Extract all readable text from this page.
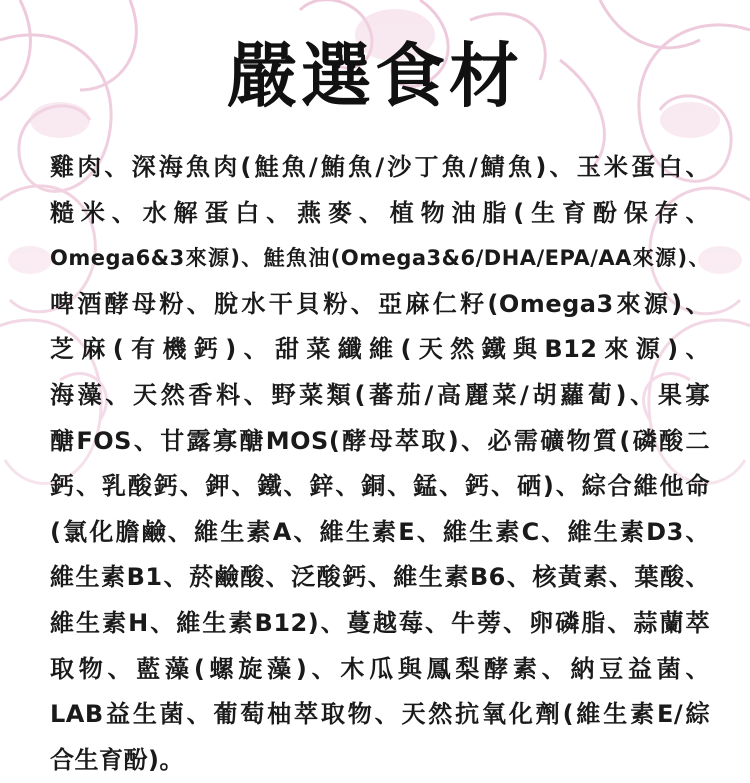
嚴選食材
雞肉、深海魚肉(鮭魚/鮪魚/沙丁魚/鯖魚)、玉米蛋白、
糙米、水解蛋白、燕麥、植物油脂(生育酚保存、
Omega6&3來源)、鮭魚油(Omega3&6/DHA/EPA/AA來源)、
啤酒酵母粉、脫水干貝粉、亞麻仁籽(Omega3來源)、
芝麻(有機鈣)、甜菜纖維(天然鐵與B12來源)、
海藻、天然香料、野菜類(蕃茄/高麗菜/胡蘿蔔)、果寡
醣FOS、甘露寡醣MOS(酵母萃取)、必需礦物質(磷酸二
鈣、乳酸鈣、鉀、鐵、鋅、銅、錳、鈣、硒)、綜合維他命
(氯化膽鹼、維生素A、維生素E、維生素C、維生素D3、
維生素B1、菸鹼酸、泛酸鈣、維生素B6、核黃素、葉酸、
維生素H、維生素B12)、蔓越莓、牛蒡、卵磷脂、蒜蘭萃
取物、藍藻(螺旋藻)、木瓜與鳳梨酵素、納豆益菌、
LAB益生菌、葡萄柚萃取物、天然抗氧化劑(維生素E/綜
合生育酚)。
